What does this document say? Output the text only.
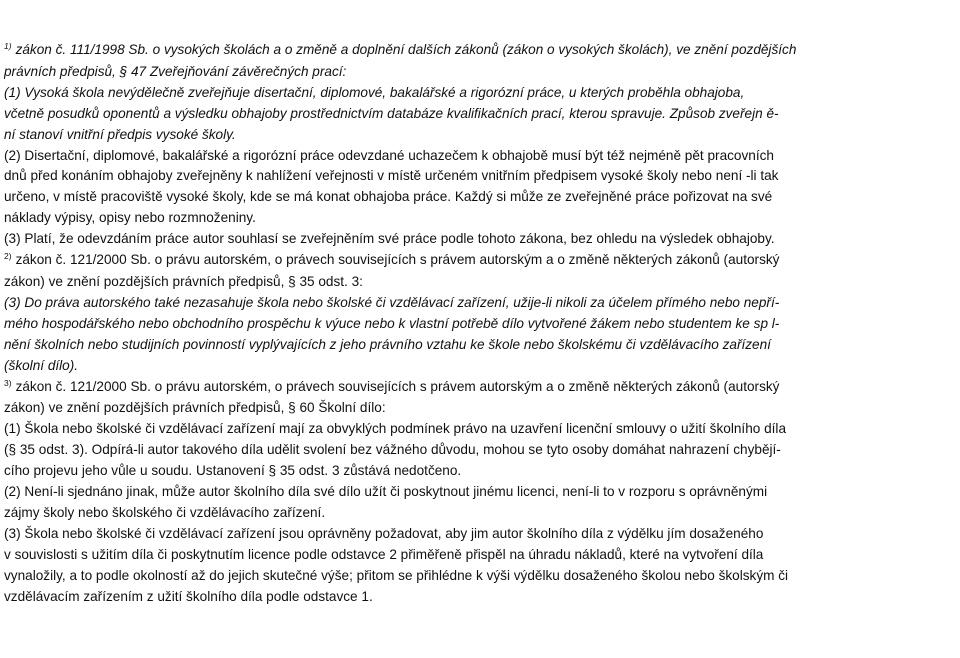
$^{1)}$ zákon č. 111/1998 Sb. o vysokých školách a o změně a doplnění dalších zákonů (zákon o vysokých školách), ve znění pozdějších
právních předpisů, § 47 Zveřejňování závěrečných prací:
(1) Vysoká škola nevýdělečně zveřejňuje disertační, diplomové, bakalářské a rigorózní práce, u kterých proběhla obhajoba,
včetně posudků oponentů a výsledku obhajoby prostřednictvím databáze kvalifikačních prací, kterou spravuje. Způsob zveřejn ě-
ní stanoví vnitřní předpis vysoké školy.
(2) Disertační, diplomové, bakalářské a rigorózní práce odevzdané uchazečem k obhajobě musí být též nejméně pět pracovních
dnů před konáním obhajoby zveřejněny k nahlížení veřejnosti v místě určeném vnitřním předpisem vysoké školy nebo není -li tak
určeno, v místě pracoviště vysoké školy, kde se má konat obhajoba práce. Každý si může ze zveřejněné práce pořizovat na své
náklady výpisy, opisy nebo rozmnoženiny.
(3) Platí, že odevzdáním práce autor souhlasí se zveřejněním své práce podle tohoto zákona, bez ohledu na výsledek obhajoby.
$^{2)}$ zákon č. 121/2000 Sb. o právu autorském, o právech souvisejících s právem autorským a o změně některých zákonů (autorský
zákon) ve znění pozdějších právních předpisů, § 35 odst. 3:
(3) Do práva autorského také nezasahuje škola nebo školské či vzdělávací zařízení, užije-li nikoli za účelem přímého nebo nepří-
mého hospodářského nebo obchodního prospěchu k výuce nebo k vlastní potřebě dílo vytvořené žákem nebo studentem ke sp l-
nění školních nebo studijních povinností vyplývajících z jeho právního vztahu ke škole nebo školskému či vzdělávacího zařízení
(školní dílo).
$^{3)}$ zákon č. 121/2000 Sb. o právu autorském, o právech souvisejících s právem autorským a o změně některých zákonů (autorský
zákon) ve znění pozdějších právních předpisů, § 60 Školní dílo:
(1) Škola nebo školské či vzdělávací zařízení mají za obvyklých podmínek právo na uzavření licenční smlouvy o užití školního díla
(§ 35 odst. 3). Odpírá-li autor takového díla udělit svolení bez vážného důvodu, mohou se tyto osoby domáhat nahrazení chybějí-
cího projevu jeho vůle u soudu. Ustanovení § 35 odst. 3 zůstává nedotčeno.
(2) Není-li sjednáno jinak, může autor školního díla své dílo užít či poskytnout jinému licenci, není-li to v rozporu s oprávněnými
zájmy školy nebo školského či vzdělávacího zařízení.
(3) Škola nebo školské či vzdělávací zařízení jsou oprávněny požadovat, aby jim autor školního díla z výdělku jím dosaženého
v souvislosti s užitím díla či poskytnutím licence podle odstavce 2 přiměřeně přispěl na úhradu nákladů, které na vytvoření díla
vynaložily, a to podle okolností až do jejich skutečné výše; přitom se přihlédne k výši výdělku dosaženého školou nebo školským či
vzdělávacím zařízením z užití školního díla podle odstavce 1.
